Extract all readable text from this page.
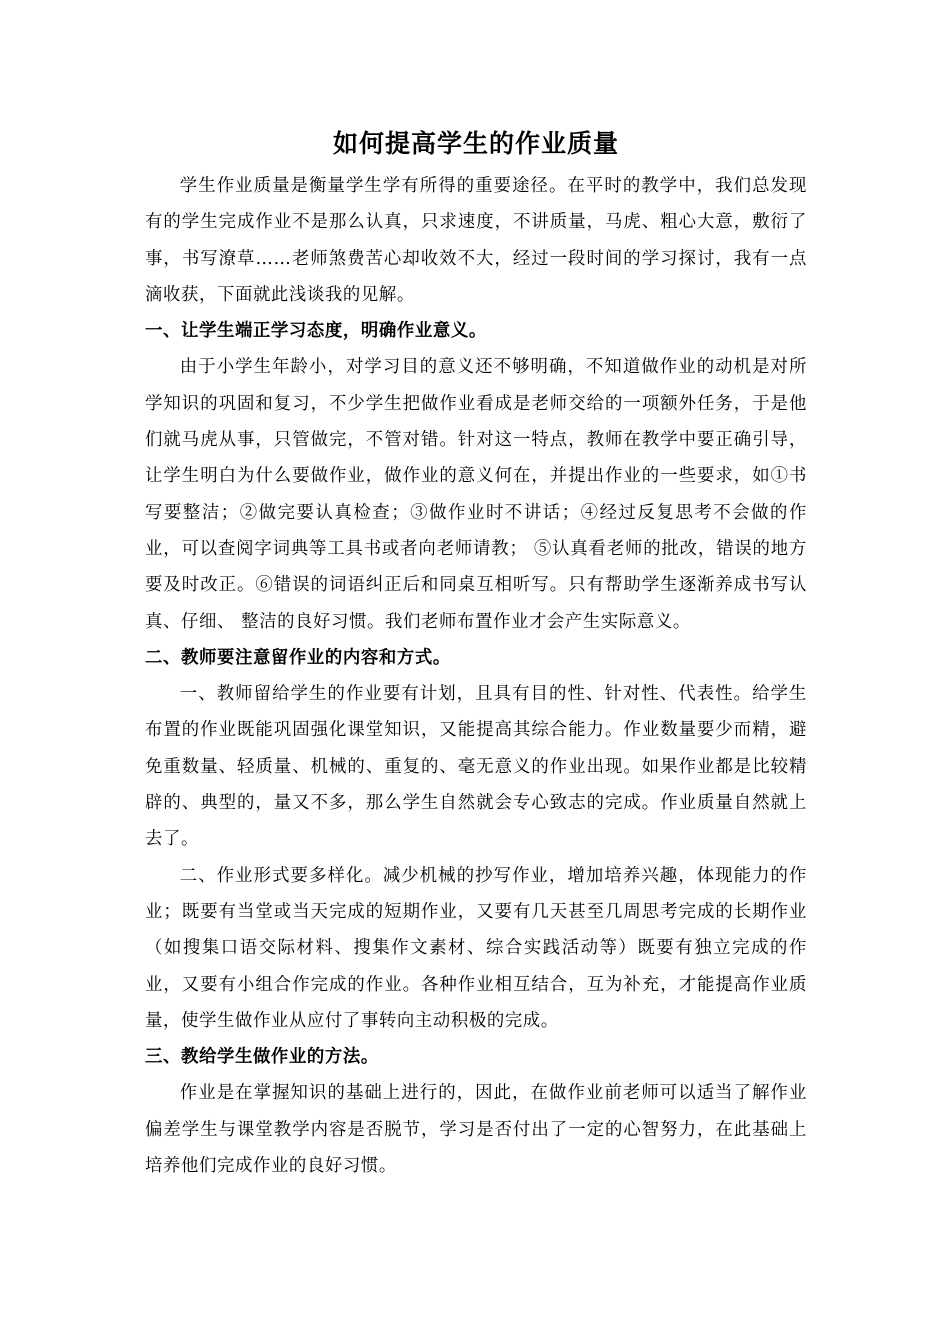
如何提高学生的作业质量

学生作业质量是衡量学生学有所得的重要途径。在平时的教学中，我们总发现有的学生完成作业不是那么认真，只求速度，不讲质量，马虎、粗心大意，敷衍了事，书写潦草……老师煞费苦心却收效不大，经过一段时间的学习探讨，我有一点滴收获，下面就此浅谈我的见解。

一、让学生端正学习态度，明确作业意义。

由于小学生年龄小，对学习目的意义还不够明确，不知道做作业的动机是对所学知识的巩固和复习，不少学生把做作业看成是老师交给的一项额外任务，于是他们就马虎从事，只管做完，不管对错。针对这一特点，教师在教学中要正确引导，让学生明白为什么要做作业，做作业的意义何在，并提出作业的一些要求，如①书写要整洁；②做完要认真检查；③做作业时不讲话；④经过反复思考不会做的作业，可以查阅字词典等工具书或者向老师请教； ⑤认真看老师的批改，错误的地方要及时改正。⑥错误的词语纠正后和同桌互相听写。只有帮助学生逐渐养成书写认真、仔细、 整洁的良好习惯。我们老师布置作业才会产生实际意义。

二、教师要注意留作业的内容和方式。

一、教师留给学生的作业要有计划，且具有目的性、针对性、代表性。给学生布置的作业既能巩固强化课堂知识，又能提高其综合能力。作业数量要少而精，避免重数量、轻质量、机械的、重复的、毫无意义的作业出现。如果作业都是比较精辟的、典型的，量又不多，那么学生自然就会专心致志的完成。作业质量自然就上去了。

二、作业形式要多样化。减少机械的抄写作业，增加培养兴趣，体现能力的作业；既要有当堂或当天完成的短期作业，又要有几天甚至几周思考完成的长期作业（如搜集口语交际材料、搜集作文素材、综合实践活动等）既要有独立完成的作业，又要有小组合作完成的作业。各种作业相互结合，互为补充，才能提高作业质量，使学生做作业从应付了事转向主动积极的完成。

三、教给学生做作业的方法。

作业是在掌握知识的基础上进行的，因此，在做作业前老师可以适当了解作业偏差学生与课堂教学内容是否脱节，学习是否付出了一定的心智努力，在此基础上培养他们完成作业的良好习惯。
